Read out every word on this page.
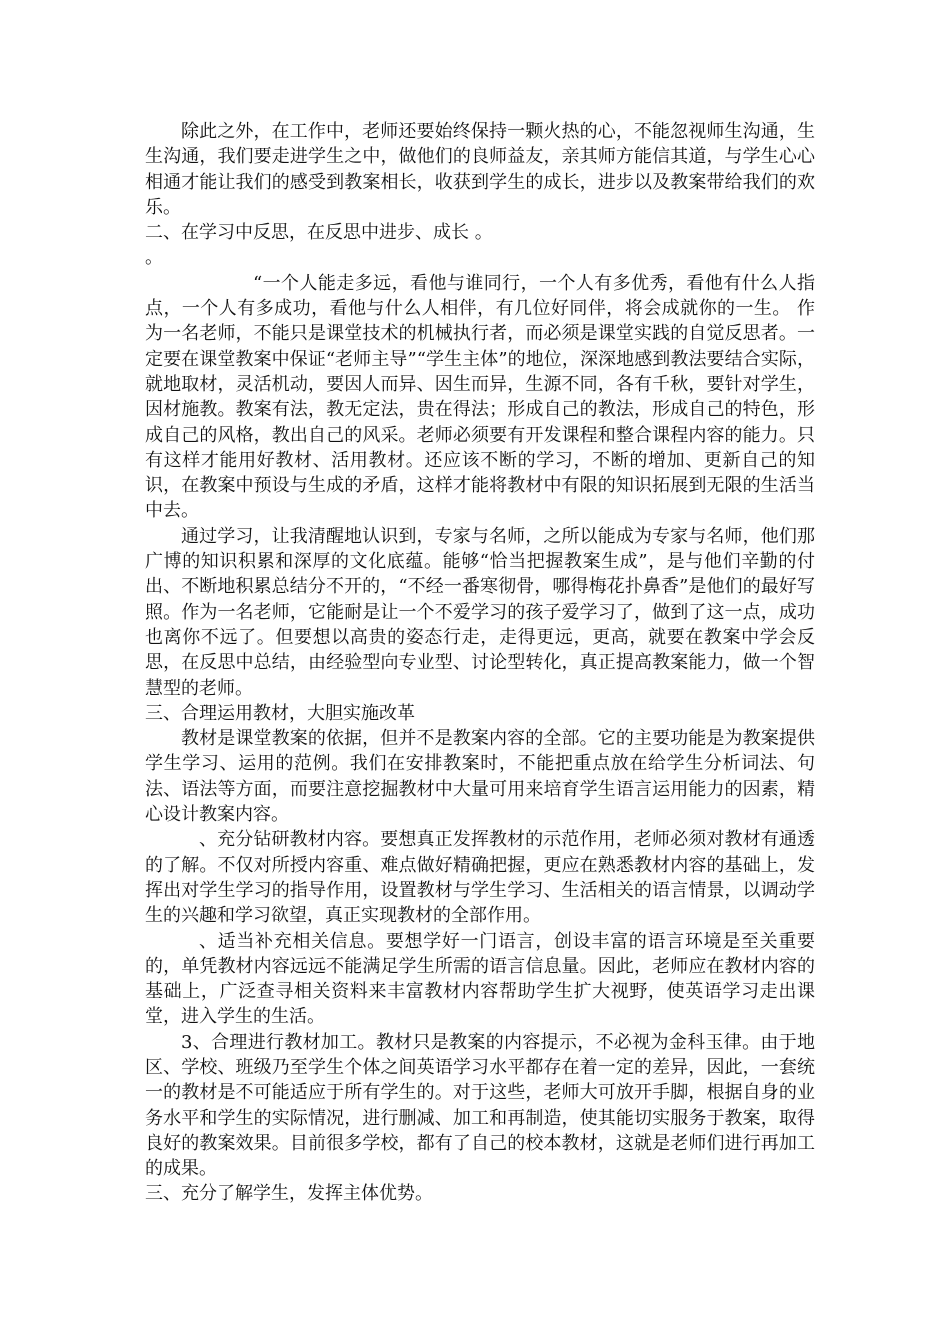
除此之外，在工作中，老师还要始终保持一颗火热的心，不能忽视师生沟通，生生沟通，我们要走进学生之中，做他们的良师益友，亲其师方能信其道，与学生心心相通才能让我们的感受到教案相长，收获到学生的成长，进步以及教案带给我们的欢乐。

二、在学习中反思，在反思中进步、成长 。

。

“一个人能走多远，看他与谁同行，一个人有多优秀，看他有什么人指点，一个人有多成功，看他与什么人相伴，有几位好同伴，将会成就你的一生。 作为一名老师，不能只是课堂技术的机械执行者，而必须是课堂实践的自觉反思者。一定要在课堂教案中保证“老师主导”“学生主体”的地位，深深地感到教法要结合实际，就地取材，灵活机动，要因人而异、因生而异，生源不同，各有千秋，要针对学生，因材施教。教案有法，教无定法，贵在得法；形成自己的教法，形成自己的特色，形成自己的风格，教出自己的风采。老师必须要有开发课程和整合课程内容的能力。只有这样才能用好教材、活用教材。还应该不断的学习，不断的增加、更新自己的知识，在教案中预设与生成的矛盾，这样才能将教材中有限的知识拓展到无限的生活当中去。

通过学习，让我清醒地认识到，专家与名师，之所以能成为专家与名师，他们那广博的知识积累和深厚的文化底蕴。能够“恰当把握教案生成”，是与他们辛勤的付出、不断地积累总结分不开的，“不经一番寒彻骨，哪得梅花扑鼻香”是他们的最好写照。作为一名老师，它能耐是让一个不爱学习的孩子爱学习了，做到了这一点，成功也离你不远了。但要想以高贵的姿态行走，走得更远，更高，就要在教案中学会反思，在反思中总结，由经验型向专业型、讨论型转化，真正提高教案能力，做一个智慧型的老师。

三、合理运用教材，大胆实施改革

教材是课堂教案的依据，但并不是教案内容的全部。它的主要功能是为教案提供学生学习、运用的范例。我们在安排教案时，不能把重点放在给学生分析词法、句法、语法等方面，而要注意挖掘教材中大量可用来培育学生语言运用能力的因素，精心设计教案内容。

、充分钻研教材内容。要想真正发挥教材的示范作用，老师必须对教材有通透的了解。不仅对所授内容重、难点做好精确把握，更应在熟悉教材内容的基础上，发挥出对学生学习的指导作用，设置教材与学生学习、生活相关的语言情景，以调动学生的兴趣和学习欲望，真正实现教材的全部作用。

、适当补充相关信息。要想学好一门语言，创设丰富的语言环境是至关重要的，单凭教材内容远远不能满足学生所需的语言信息量。因此，老师应在教材内容的基础上，广泛查寻相关资料来丰富教材内容帮助学生扩大视野，使英语学习走出课堂，进入学生的生活。

3、合理进行教材加工。教材只是教案的内容提示，不必视为金科玉律。由于地区、学校、班级乃至学生个体之间英语学习水平都存在着一定的差异，因此，一套统一的教材是不可能适应于所有学生的。对于这些，老师大可放开手脚，根据自身的业务水平和学生的实际情况，进行删减、加工和再制造，使其能切实服务于教案，取得良好的教案效果。目前很多学校，都有了自己的校本教材，这就是老师们进行再加工的成果。

三、充分了解学生，发挥主体优势。
